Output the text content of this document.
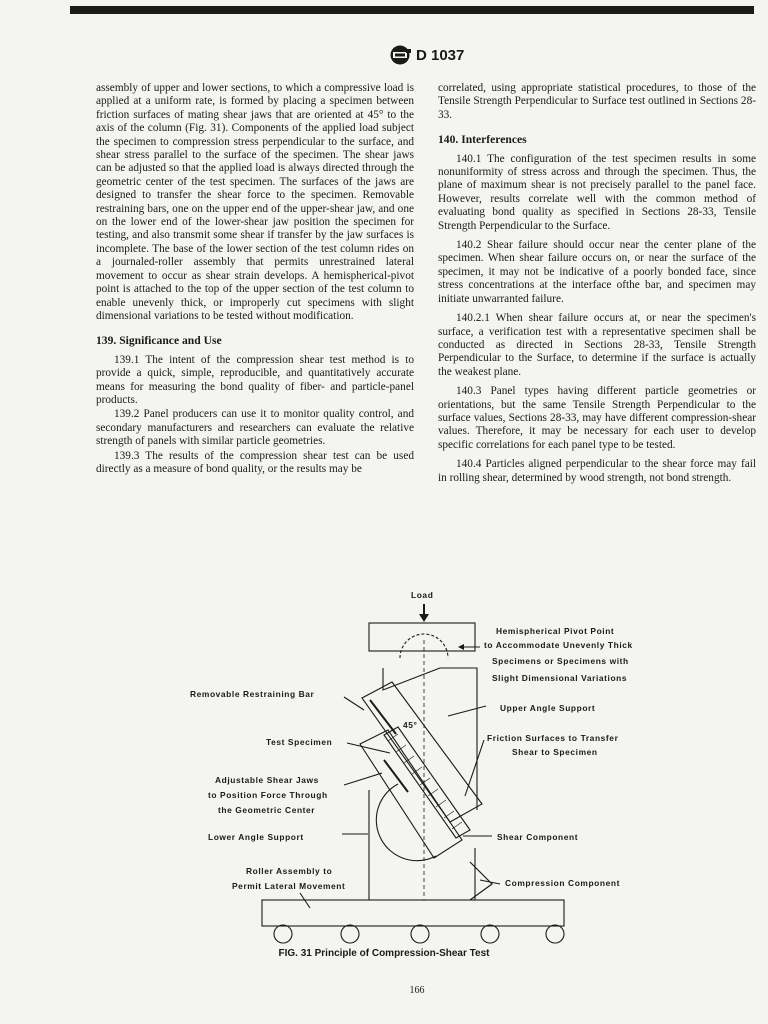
D 1037

assembly of upper and lower sections, to which a compressive load is applied at a uniform rate, is formed by placing a specimen between friction surfaces of mating shear jaws that are oriented at 45° to the axis of the column (Fig. 31). Components of the applied load subject the specimen to compression stress perpendicular to the surface, and shear stress parallel to the surface of the specimen. The shear jaws can be adjusted so that the applied load is always directed through the geometric center of the test specimen. The surfaces of the jaws are designed to transfer the shear force to the specimen. Removable restraining bars, one on the upper end of the upper-shear jaw, and one on the lower end of the lower-shear jaw position the specimen for testing, and also transmit some shear if transfer by the jaw surfaces is incomplete. The base of the lower section of the test column rides on a journaled-roller assembly that permits unrestrained lateral movement to occur as shear strain develops. A hemispherical-pivot point is attached to the top of the upper section of the test column to enable unevenly thick, or improperly cut specimens with slight dimensional variations to be tested without modification.

139. Significance and Use

139.1 The intent of the compression shear test method is to provide a quick, simple, reproducible, and quantitatively accurate means for measuring the bond quality of fiber- and particle-panel products.

139.2 Panel producers can use it to monitor quality control, and secondary manufacturers and researchers can evaluate the relative strength of panels with similar particle geometries.

139.3 The results of the compression shear test can be used directly as a measure of bond quality, or the results may be

correlated, using appropriate statistical procedures, to those of the Tensile Strength Perpendicular to Surface test outlined in Sections 28-33.

140. Interferences

140.1 The configuration of the test specimen results in some nonuniformity of stress across and through the specimen. Thus, the plane of maximum shear is not precisely parallel to the panel face. However, results correlate well with the common method of evaluating bond quality as specified in Sections 28-33, Tensile Strength Perpendicular to the Surface.

140.2 Shear failure should occur near the center plane of the specimen. When shear failure occurs on, or near the surface of the specimen, it may not be indicative of a poorly bonded face, since stress concentrations at the interface ofthe bar, and specimen may initiate unwarranted failure.

140.2.1 When shear failure occurs at, or near the specimen's surface, a verification test with a representative specimen shall be conducted as directed in Sections 28-33, Tensile Strength Perpendicular to the Surface, to determine if the surface is actually the weakest plane.

140.3 Panel types having different particle geometries or orientations, but the same Tensile Strength Perpendicular to the surface values, Sections 28-33, may have different compression-shear values. Therefore, it may be necessary for each user to develop specific correlations for each panel type to be tested.

140.4 Particles aligned perpendicular to the shear force may fail in rolling shear, determined by wood strength, not bond strength.

Load
45°
Hemispherical Pivot Point
to Accommodate Unevenly Thick
Specimens or Specimens with
Slight Dimensional Variations
Removable Restraining Bar
Upper Angle Support
Test Specimen	Friction Surfaces to Transfer
Shear to Specimen
Adjustable Shear Jaws
to Position Force Through
the Geometric Center
Lower Angle Support	Shear Component
Roller Assembly to
Permit Lateral Movement	Compression Component
FIG. 31 Principle of Compression-Shear Test
166
